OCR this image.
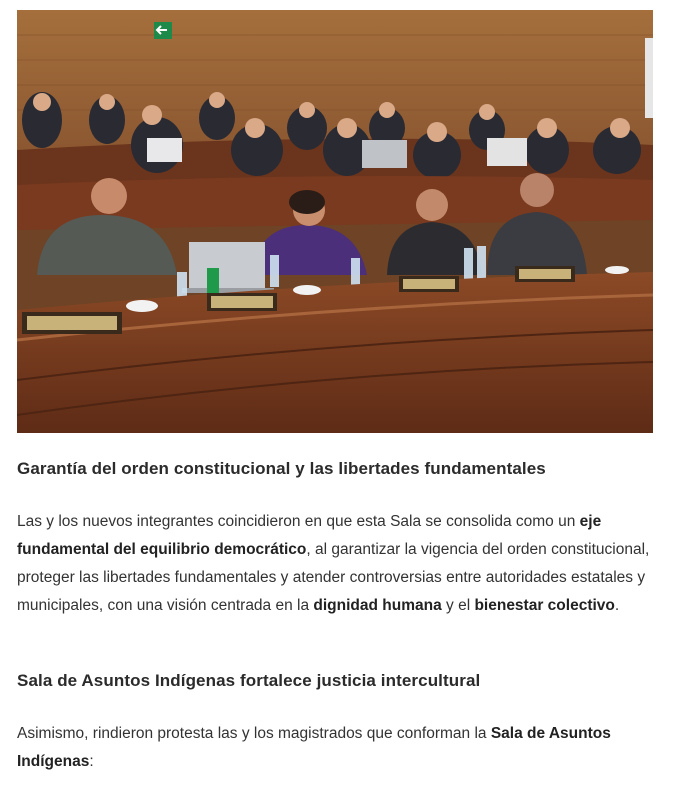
Garantía del orden constitucional y las libertades fundamentales

Las y los nuevos integrantes coincidieron en que esta Sala se consolida como un eje fundamental del equilibrio democrático, al garantizar la vigencia del orden constitucional, proteger las libertades fundamentales y atender controversias entre autoridades estatales y municipales, con una visión centrada en la dignidad humana y el bienestar colectivo.

Sala de Asuntos Indígenas fortalece justicia intercultural

Asimismo, rindieron protesta las y los magistrados que conforman la Sala de Asuntos Indígenas:
